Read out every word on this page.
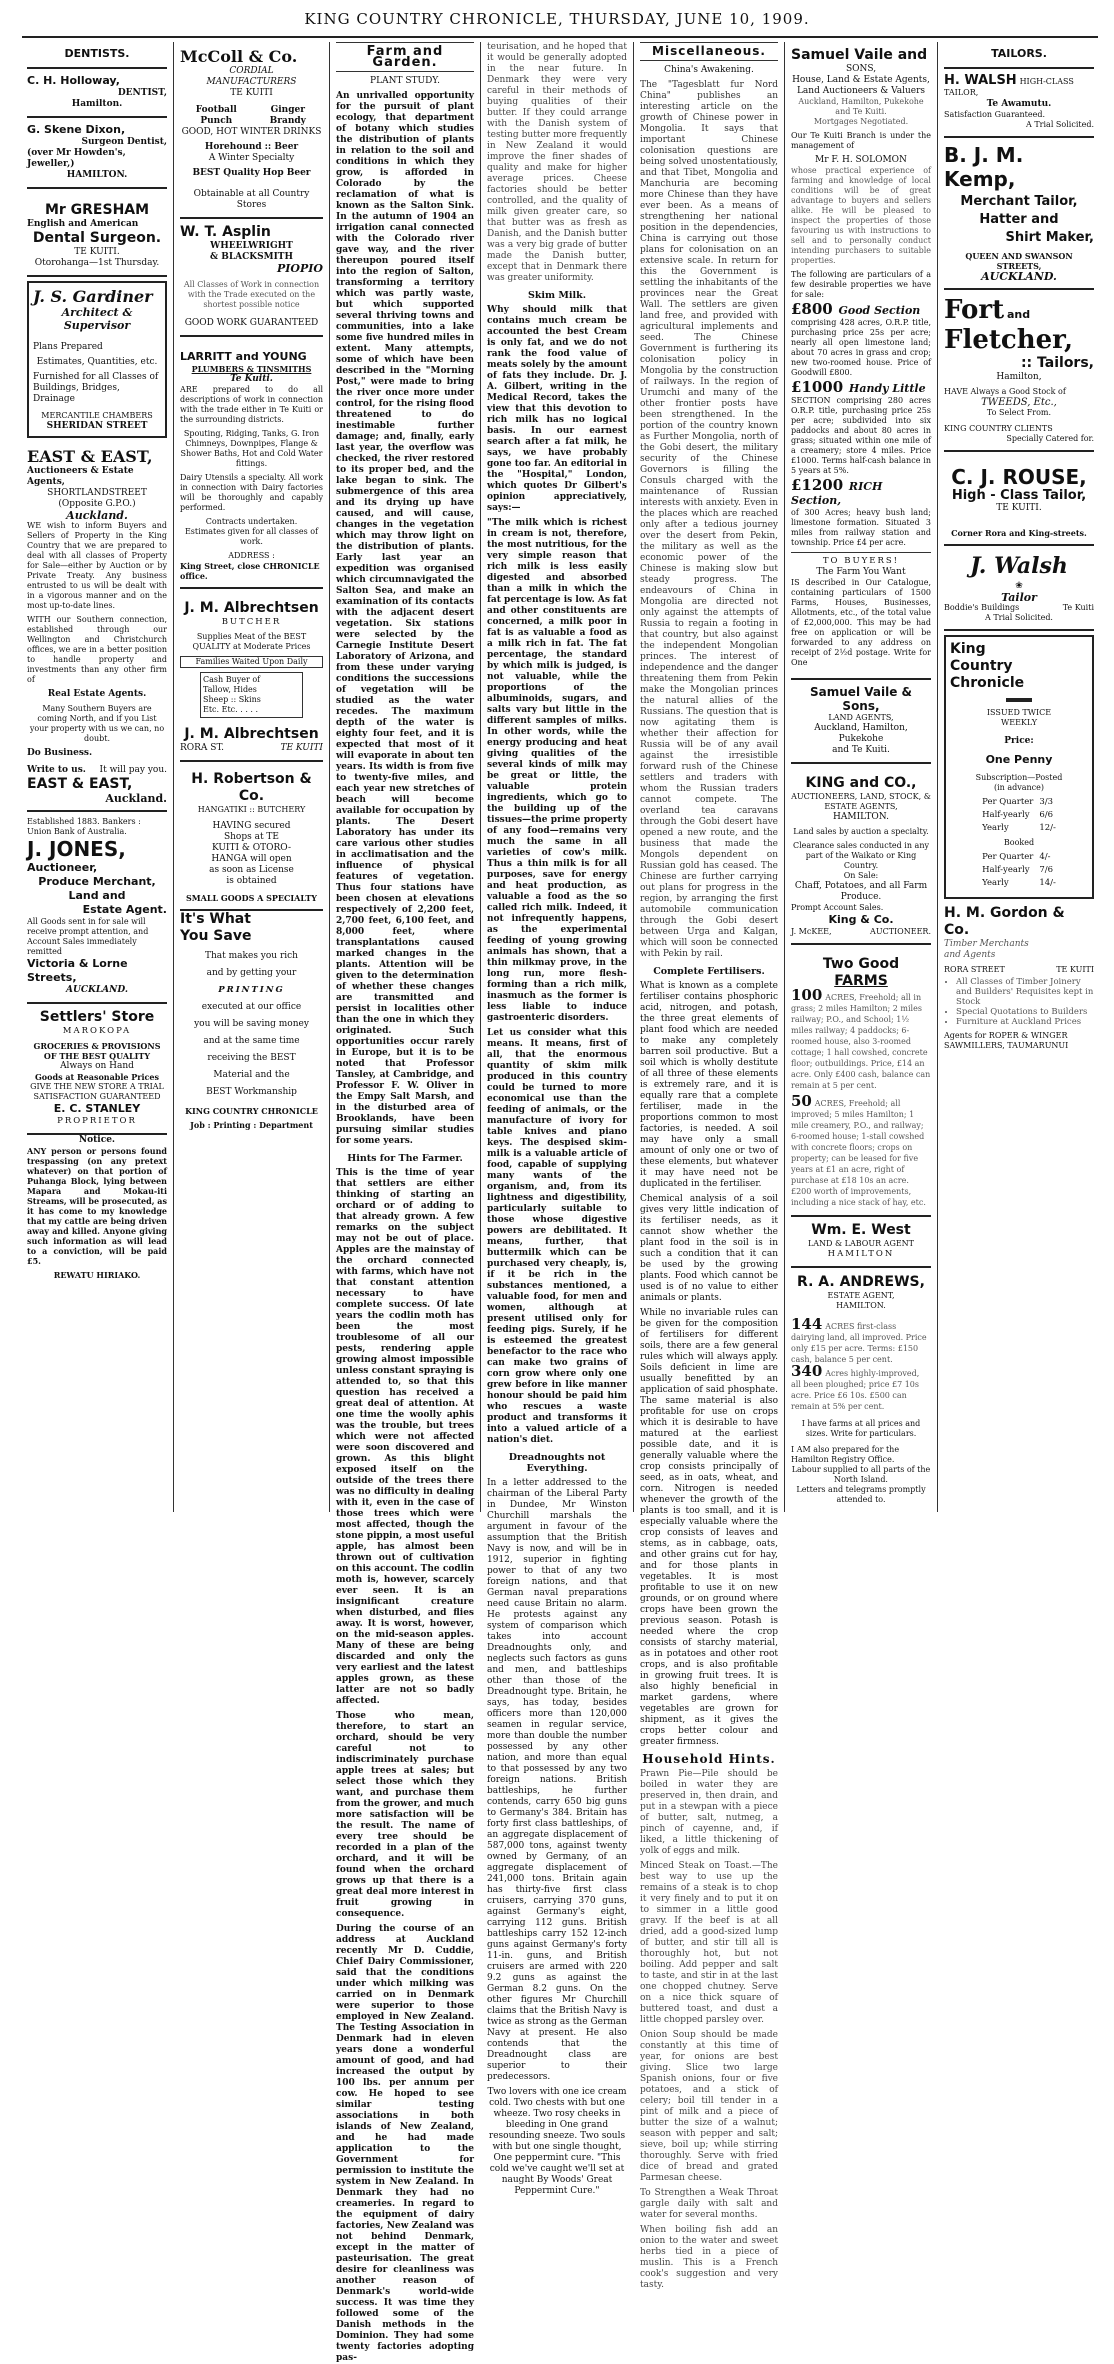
KING COUNTRY CHRONICLE, THURSDAY, JUNE 10, 1909.
DENTISTS.
C. H. Holloway,
DENTIST,
Hamilton.
G. Skene Dixon,
Surgeon Dentist,
(over Mr Howden's, Jeweller,)
HAMILTON.
Mr GRESHAM
English and American
Dental Surgeon.
TE KUITI.
Otorohanga—1st Thursday.
J. S. Gardiner
Architect & Supervisor
Plans Prepared
Estimates, Quantities, etc.
Furnished for all Classes of Buildings, Bridges, Drainage
MERCANTILE CHAMBERS
SHERIDAN STREET
EAST & EAST,
Auctioneers & Estate Agents,
SHORTLANDSTREET
(Opposite G.P.O.)
Auckland.

WE wish to inform Buyers and Sellers of Property in the King Country that we are prepared to deal with all classes of Property for Sale—either by Auction or by Private Treaty. Any business entrusted to us will be dealt with in a vigorous manner and on the most up-to-date lines.

WITH our Southern connection, established through our Wellington and Christchurch offices, we are in a better position to handle property and investments than any other firm of

Real Estate Agents.
Many Southern Buyers are coming North, and if you List your property with us we can, no doubt.
Do Business.
Write to us. It will pay you.
EAST & EAST,
Auckland.
Established 1883. Bankers : Union Bank of Australia.
J. JONES,
Auctioneer,
Produce Merchant,
Land and
Estate Agent.
All Goods sent in for sale will receive prompt attention, and Account Sales immediately remitted
Victoria & Lorne Streets,
AUCKLAND.
Settlers' Store
MAROKOPA
GROCERIES & PROVISIONS OF THE BEST QUALITY
Always on Hand
Goods at Reasonable Prices
GIVE THE NEW STORE A TRIAL SATISFACTION GUARANTEED
E. C. STANLEY
PROPRIETOR
Notice.

ANY person or persons found trespassing (on any pretext whatever) on that portion of Puhanga Block, lying between Mapara and Mokau-iti Streams, will be prosecuted, as it has come to my knowledge that my cattle are being driven away and killed. Anyone giving such information as will lead to a conviction, will be paid £5.

REWATU HIRIAKO.
McColl & Co.
CORDIAL
MANUFACTURERS
TE KUITI
Football Punch
Ginger Brandy
GOOD, HOT WINTER DRINKS
Horehound :: Beer
A Winter Specialty
BEST Quality Hop Beer
Obtainable at all Country Stores
W. T. Asplin
WHEELWRIGHT
& BLACKSMITH
PIOPIO
All Classes of Work in connection with the Trade executed on the shortest possible notice
GOOD WORK GUARANTEED
LARRITT and YOUNG
PLUMBERS & TINSMITHS
Te Kuiti.

ARE prepared to do all descriptions of work in connection with the trade either in Te Kuiti or the surrounding districts.

Spouting, Ridging, Tanks, G. Iron Chimneys, Downpipes, Flange & Shower Baths, Hot and Cold Water fittings.

Dairy Utensils a specialty. All work in connection with Dairy factories will be thoroughly and capably performed.

Contracts undertaken.
Estimates given for all classes of work.
ADDRESS :
King Street, close CHRONICLE office.
J. M. Albrechtsen
BUTCHER
Supplies Meat of the BEST QUALITY at Moderate Prices
Families Waited Upon Daily
Cash Buyer of
Tallow, Hides
Sheep :: Skins
Etc. Etc. . . . .
J. M. Albrechtsen
RORA ST.	TE KUITI
H. Robertson & Co.
HANGATIKI :: BUTCHERY
HAVING secured
Shops at TE
KUITI & OTORO-
HANGA will open
as soon as License
is obtained
SMALL GOODS A SPECIALTY
It's What
You Save
That makes you rich
and by getting your
PRINTING
executed at our office
you will be saving money
and at the same time
receiving the BEST
Material and the
BEST Workmanship
KING COUNTRY CHRONICLE
Job : Printing : Department
Farm and Garden.
PLANT STUDY.

An unrivalled opportunity for the pursuit of plant ecology, that department of botany which studies the distribution of plants in relation to the soil and conditions in which they grow, is afforded in Colorado by the reclamation of what is known as the Salton Sink. In the autumn of 1904 an irrigation canal connected with the Colorado river gave way, and the river thereupon poured itself into the region of Salton, transforming a territory which was partly waste, but which supported several thriving towns and communities, into a lake some five hundred miles in extent. Many attempts, some of which have been described in the "Morning Post," were made to bring the river once more under control, for the rising flood threatened to do inestimable further damage; and, finally, early last year, the overflow was checked, the river restored to its proper bed, and the lake began to sink. The submergence of this area and its drying up have caused, and will cause, changes in the vegetation which may throw light on the distribution of plants. Early last year an expedition was organised which circumnavigated the Salton Sea, and make an examination of its contacts with the adjacent desert vegetation. Six stations were selected by the Carnegie Institute Desert Laboratory of Arizona, and from these under varying conditions the successions of vegetation will be studied as the water recedes. The maximum depth of the water is eighty four feet, and it is expected that most of it will evaporate in about ten years. Its width is from five to twenty-five miles, and each year new stretches of beach will become available for occupation by plants. The Desert Laboratory has under its care various other studies in acclimatisation and the influence of physical features of vegetation. Thus four stations have been chosen at elevations respectively of 2,200 feet, 2,700 feet, 6,100 feet, and 8,000 feet, where transplantations caused marked changes in the plants. Attention will be given to the determination of whether these changes are transmitted and persist in localities other than the one in which they originated. Such opportunities occur rarely in Europe, but it is to be noted that Professor Tansley, at Cambridge, and Professor F. W. Oliver in the Empy Salt Marsh, and in the disturbed area of Brooklands, have been pursuing similar studies for some years.

Hints for The Farmer.

This is the time of year that settlers are either thinking of starting an orchard or of adding to that already grown. A few remarks on the subject may not be out of place. Apples are the mainstay of the orchard connected with farms, which have not that constant attention necessary to have complete success. Of late years the codlin moth has been the most troublesome of all our pests, rendering apple growing almost impossible unless constant spraying is attended to, so that this question has received a great deal of attention. At one time the woolly aphis was the trouble, but trees which were not affected were soon discovered and grown. As this blight exposed itself on the outside of the trees there was no difficulty in dealing with it, even in the case of those trees which were most affected, though the stone pippin, a most useful apple, has almost been thrown out of cultivation on this account. The codlin moth is, however, scarcely ever seen. It is an insignificant creature when disturbed, and flies away. It is worst, however, on the mid-season apples. Many of these are being discarded and only the very earliest and the latest apples grown, as these latter are not so badly affected.

Those who mean, therefore, to start an orchard, should be very careful not to indiscriminately purchase apple trees at sales; but select those which they want, and purchase them from the grower, and much more satisfaction will be the result. The name of every tree should be recorded in a plan of the orchard, and it will be found when the orchard grows up that there is a great deal more interest in fruit growing in consequence.

During the course of an address at Auckland recently Mr D. Cuddie, Chief Dairy Commissioner, said that the conditions under which milking was carried on in Denmark were superior to those employed in New Zealand. The Testing Association in Denmark had in eleven years done a wonderful amount of good, and had increased the output by 100 lbs. per annum per cow. He hoped to see similar testing associations in both islands of New Zealand, and he had made application to the Government for permission to institute the system in New Zealand. In Denmark they had no creameries. In regard to the equipment of dairy factories, New Zealand was not behind Denmark, except in the matter of pasteurisation. The great desire for cleanliness was another reason of Denmark's world-wide success. It was time they followed some of the Danish methods in the Dominion. They had some twenty factories adopting pas-

teurisation, and he hoped that it would be generally adopted in the near future. In Denmark they were very careful in their methods of buying qualities of their butter. If they could arrange with the Danish system of testing butter more frequently in New Zealand it would improve the finer shades of quality and make for higher average prices. Cheese factories should be better controlled, and the quality of milk given greater care, so that butter was as fresh as Danish, and the Danish butter was a very big grade of butter made the Danish butter, except that in Denmark there was greater uniformity.

Skim Milk.

Why should milk that contains much cream be accounted the best Cream is only fat, and we do not rank the food value of meats solely by the amount of fats they include. Dr. J. A. Gilbert, writing in the Medical Record, takes the view that this devotion to rich milk has no logical basis. In our earnest search after a fat milk, he says, we have probably gone too far. An editorial in the "Hospital," London, which quotes Dr Gilbert's opinion appreciatively, says:—

"The milk which is richest in cream is not, therefore, the most nutritious, for the very simple reason that rich milk is less easily digested and absorbed than a milk in which the fat percentage is low. As fat and other constituents are concerned, a milk poor in fat is as valuable a food as a milk rich in fat. The fat percentage, the standard by which milk is judged, is not valuable, while the proportions of the albuminoids, sugars, and salts vary but little in the different samples of milks. In other words, while the energy producing and heat giving qualities of the several kinds of milk may be great or little, the valuable protein ingredients, which go to the building up of the tissues—the prime property of any food—remains very much the same in all varieties of cow's milk. Thus a thin milk is for all purposes, save for energy and heat production, as valuable a food as the so called rich milk. Indeed, it not infrequently happens, as the experimental feeding of young growing animals has shown, that a thin milkmay prove, in the long run, more flesh-forming than a rich milk, inasmuch as the former is less liable to induce gastroenteric disorders.

Let us consider what this means. It means, first of all, that the enormous quantity of skim milk produced in this country could be turned to more economical use than the feeding of animals, or the manufacture of ivory for table knives and piano keys. The despised skim-milk is a valuable article of food, capable of supplying many wants of the organism, and, from its lightness and digestibility, particularly suitable to those whose digestive powers are debilitated. It means, further, that buttermilk which can be purchased very cheaply, is, if it be rich in the substances mentioned, a valuable food, for men and women, although at present utilised only for feeding pigs. Surely, if he is esteemed the greatest benefactor to the race who can make two grains of corn grow where only one grew before in like manner honour should be paid him who rescues a waste product and transforms it into a valued article of a nation's diet.

Dreadnoughts not Everything.

In a letter addressed to the chairman of the Liberal Party in Dundee, Mr Winston Churchill marshals the argument in favour of the assumption that the British Navy is now, and will be in 1912, superior in fighting power to that of any two foreign nations, and that German naval preparations need cause Britain no alarm. He protests against any system of comparison which takes into account Dreadnoughts only, and neglects such factors as guns and men, and battleships other than those of the Dreadnought type. Britain, he says, has today, besides officers more than 120,000 seamen in regular service, more than double the number possessed by any other nation, and more than equal to that possessed by any two foreign nations. British battleships, he further contends, carry 650 big guns to Germany's 384. Britain has forty first class battleships, of an aggregate displacement of 587,000 tons, against twenty owned by Germany, of an aggregate displacement of 241,000 tons. Britain again has thirty-five first class cruisers, carrying 370 guns, against Germany's eight, carrying 112 guns. British battleships carry 152 12-inch guns against Germany's forty 11-in. guns, and British cruisers are armed with 220 9.2 guns as against the German 8.2 guns. On the other figures Mr Churchill claims that the British Navy is twice as strong as the German Navy at present. He also contends that the Dreadnought class are superior to their predecessors.

Two lovers with one ice cream cold. Two chests with but one wheeze. Two rosy cheeks in bleeding in One grand resounding sneeze. Two souls with but one single thought, One peppermint cure. "This cold we've caught we'll set at naught By Woods' Great Peppermint Cure."

Miscellaneous.
China's Awakening.

The "Tagesblatt fur Nord China" publishes an interesting article on the growth of Chinese power in Mongolia. It says that important Chinese colonisation questions are being solved unostentatiously, and that Tibet, Mongolia and Manchuria are becoming more Chinese than they have ever been. As a means of strengthening her national position in the dependencies, China is carrying out those plans for colonisation on an extensive scale. In return for this the Government is settling the inhabitants of the provinces near the Great Wall. The settlers are given land free, and provided with agricultural implements and seed. The Chinese Government is furthering its colonisation policy in Mongolia by the construction of railways. In the region of Urumchi and many of the other frontier posts have been strengthened. In the portion of the country known as Further Mongolia, north of the Gobi desert, the military security of the Chinese Governors is filling the Consuls charged with the maintenance of Russian interests with anxiety. Even in the places which are reached only after a tedious journey over the desert from Pekin, the military as well as the economic power of the Chinese is making slow but steady progress. The endeavours of China in Mongolia are directed not only against the attempts of Russia to regain a footing in that country, but also against the independent Mongolian princes. The interest of independence and the danger threatening them from Pekin make the Mongolian princes the natural allies of the Russians. The question that is now agitating them is whether their affection for Russia will be of any avail against the irresistible forward rush of the Chinese settlers and traders with whom the Russian traders cannot compete. The overland tea caravans through the Gobi desert have opened a new route, and the business that made the Mongols dependent on Russian gold has ceased. The Chinese are further carrying out plans for progress in the region, by arranging the first automobile communication through the Gobi desert between Urga and Kalgan, which will soon be connected with Pekin by rail.

Complete Fertilisers.

What is known as a complete fertiliser contains phosphoric acid, nitrogen, and potash, the three great elements of plant food which are needed to make any completely barren soil productive. But a soil which is wholly destitute of all three of these elements is extremely rare, and it is equally rare that a complete fertiliser, made in the proportions common to most factories, is needed. A soil may have only a small amount of only one or two of these elements, but whatever it may have need not be duplicated in the fertiliser.

Chemical analysis of a soil gives very little indication of its fertiliser needs, as it cannot show whether the plant food in the soil is in such a condition that it can be used by the growing plants. Food which cannot be used is of no value to either animals or plants.

While no invariable rules can be given for the composition of fertilisers for different soils, there are a few general rules which will always apply. Soils deficient in lime are usually benefitted by an application of said phosphate. The same material is also profitable for use on crops which it is desirable to have matured at the earliest possible date, and it is generally valuable where the crop consists principally of seed, as in oats, wheat, and corn. Nitrogen is needed whenever the growth of the plants is too small, and it is especially valuable where the crop consists of leaves and stems, as in cabbage, oats, and other grains cut for hay, and for those plants in vegetables. It is most profitable to use it on new grounds, or on ground where crops have been grown the previous season. Potash is needed where the crop consists of starchy material, as in potatoes and other root crops, and is also profitable in growing fruit trees. It is also highly beneficial in market gardens, where vegetables are grown for shipment, as it gives the crops better colour and greater firmness.

Household Hints.

Prawn Pie—Pile should be boiled in water they are preserved in, then drain, and put in a stewpan with a piece of butter, salt, nutmeg, a pinch of cayenne, and, if liked, a little thickening of yolk of eggs and milk.

Minced Steak on Toast.—The best way to use up the remains of a steak is to chop it very finely and to put it on to simmer in a little good gravy. If the beef is at all dried, add a good-sized lump of butter, and stir till all is thoroughly hot, but not boiling. Add pepper and salt to taste, and stir in at the last one chopped chutney. Serve on a nice thick square of buttered toast, and dust a little chopped parsley over.

Onion Soup should be made constantly at this time of year, for onions are best giving. Slice two large Spanish onions, four or five potatoes, and a stick of celery; boil till tender in a pint of milk and a piece of butter the size of a walnut; season with pepper and salt; sieve, boil up; while stirring thoroughly. Serve with fried dice of bread and grated Parmesan cheese.

To Strengthen a Weak Throat gargle daily with salt and water for several months.

When boiling fish add an onion to the water and sweet herbs tied in a piece of muslin. This is a French cook's suggestion and very tasty.

Samuel Vaile and
SONS,
House, Land & Estate Agents,
Land Auctioneers & Valuers
Auckland, Hamilton, Pukekohe and Te Kuiti.
Mortgages Negotiated.

Our Te Kuiti Branch is under the management of

Mr F. H. SOLOMON

whose practical experience of farming and knowledge of local conditions will be of great advantage to buyers and sellers alike. He will be pleased to inspect the properties of those favouring us with instructions to sell and to personally conduct intending purchasers to suitable properties.

The following are particulars of a few desirable properties we have for sale:

£800 Good Section

comprising 428 acres, O.R.P. title, purchasing price 25s per acre; nearly all open limestone land; about 70 acres in grass and crop; new two-roomed house. Price of Goodwill £800.

£1000 Handy Little

SECTION comprising 280 acres O.R.P. title, purchasing price 25s per acre; subdivided into six paddocks and about 80 acres in grass; situated within one mile of a creamery; store 4 miles. Price £1000. Terms half-cash balance in 5 years at 5%.

£1200 RICH Section,

of 300 Acres; heavy bush land; limestone formation. Situated 3 miles from railway station and township. Price £4 per acre.

TO BUYERS!
The Farm You Want

IS described in Our Catalogue, containing particulars of 1500 Farms, Houses, Businesses, Allotments, etc., of the total value of £2,000,000. This may be had free on application or will be forwarded to any address on receipt of 2½d postage. Write for One

Samuel Vaile & Sons,
LAND AGENTS,
Auckland, Hamilton, Pukekohe
and Te Kuiti.
KING and CO.,
AUCTIONEERS, LAND, STOCK, & ESTATE AGENTS,
HAMILTON.
Land sales by auction a specialty.
Clearance sales conducted in any part of the Waikato or King Country.
On Sale:
Chaff, Potatoes, and all Farm Produce.
Prompt Account Sales.
King & Co.
J. McKEE,	AUCTIONEER.
Two Good
FARMS
100 ACRES, Freehold; all in grass; 2 miles Hamilton; 2 miles railway; P.O., and School; 1½ miles railway; 4 paddocks; 6-roomed house, also 3-roomed cottage; 1 hall cowshed, concrete floor; outbuildings. Price, £14 an acre. Only £400 cash, balance can remain at 5 per cent.
50 ACRES, Freehold; all improved; 5 miles Hamilton; 1 mile creamery, P.O., and railway; 6-roomed house; 1-stall cowshed with concrete floors; crops on property; can be leased for five years at £1 an acre, right of purchase at £18 10s an acre. £200 worth of improvements, including a nice stack of hay, etc.
Wm. E. West
LAND & LABOUR AGENT
HAMILTON
R. A. ANDREWS,
ESTATE AGENT,
HAMILTON.
144 ACRES first-class dairying land, all improved. Price only £15 per acre. Terms: £150 cash, balance 5 per cent.
340 Acres highly-improved, all been ploughed; price £7 10s acre. Price £6 10s. £500 can remain at 5% per cent.
I have farms at all prices and sizes. Write for particulars.
I AM also prepared for the Hamilton Registry Office.
Labour supplied to all parts of the North Island.
Letters and telegrams promptly attended to.
TAILORS.
H. WALSH HIGH-CLASS TAILOR,
Te Awamutu.
Satisfaction Guaranteed.
A Trial Solicited.
B. J. M. Kemp,
Merchant Tailor,
Hatter and
Shirt Maker,
QUEEN AND SWANSON STREETS,
AUCKLAND.
Fort and
Fletcher,
:: Tailors,
Hamilton,
HAVE Always a Good Stock of
TWEEDS, Etc.,
To Select From.
KING COUNTRY CLIENTS
Specially Catered for.
C. J. ROUSE,
High - Class Tailor,
TE KUITI.
Corner Rora and King-streets.
J. Walsh
❀
Tailor
Boddie's Buildings	Te Kuiti
A Trial Solicited.
King
Country
Chronicle
ISSUED TWICE
WEEKLY
Price:
One Penny
Subscription—Posted
(in advance)
Per Quarter	3/3
Half-yearly	6/6
Yearly	12/-
Booked
Per Quarter	4/-
Half-yearly	7/6
Yearly	14/-
H. M. Gordon & Co.
Timber Merchants
and Agents
RORA STREET	TE KUITI
• All Classes of Timber Joinery and Builders' Requisites kept in Stock
• Special Quotations to Builders
• Furniture at Auckland Prices
Agents for ROPER & WINGER
SAWMILLERS, TAUMARUNUI
